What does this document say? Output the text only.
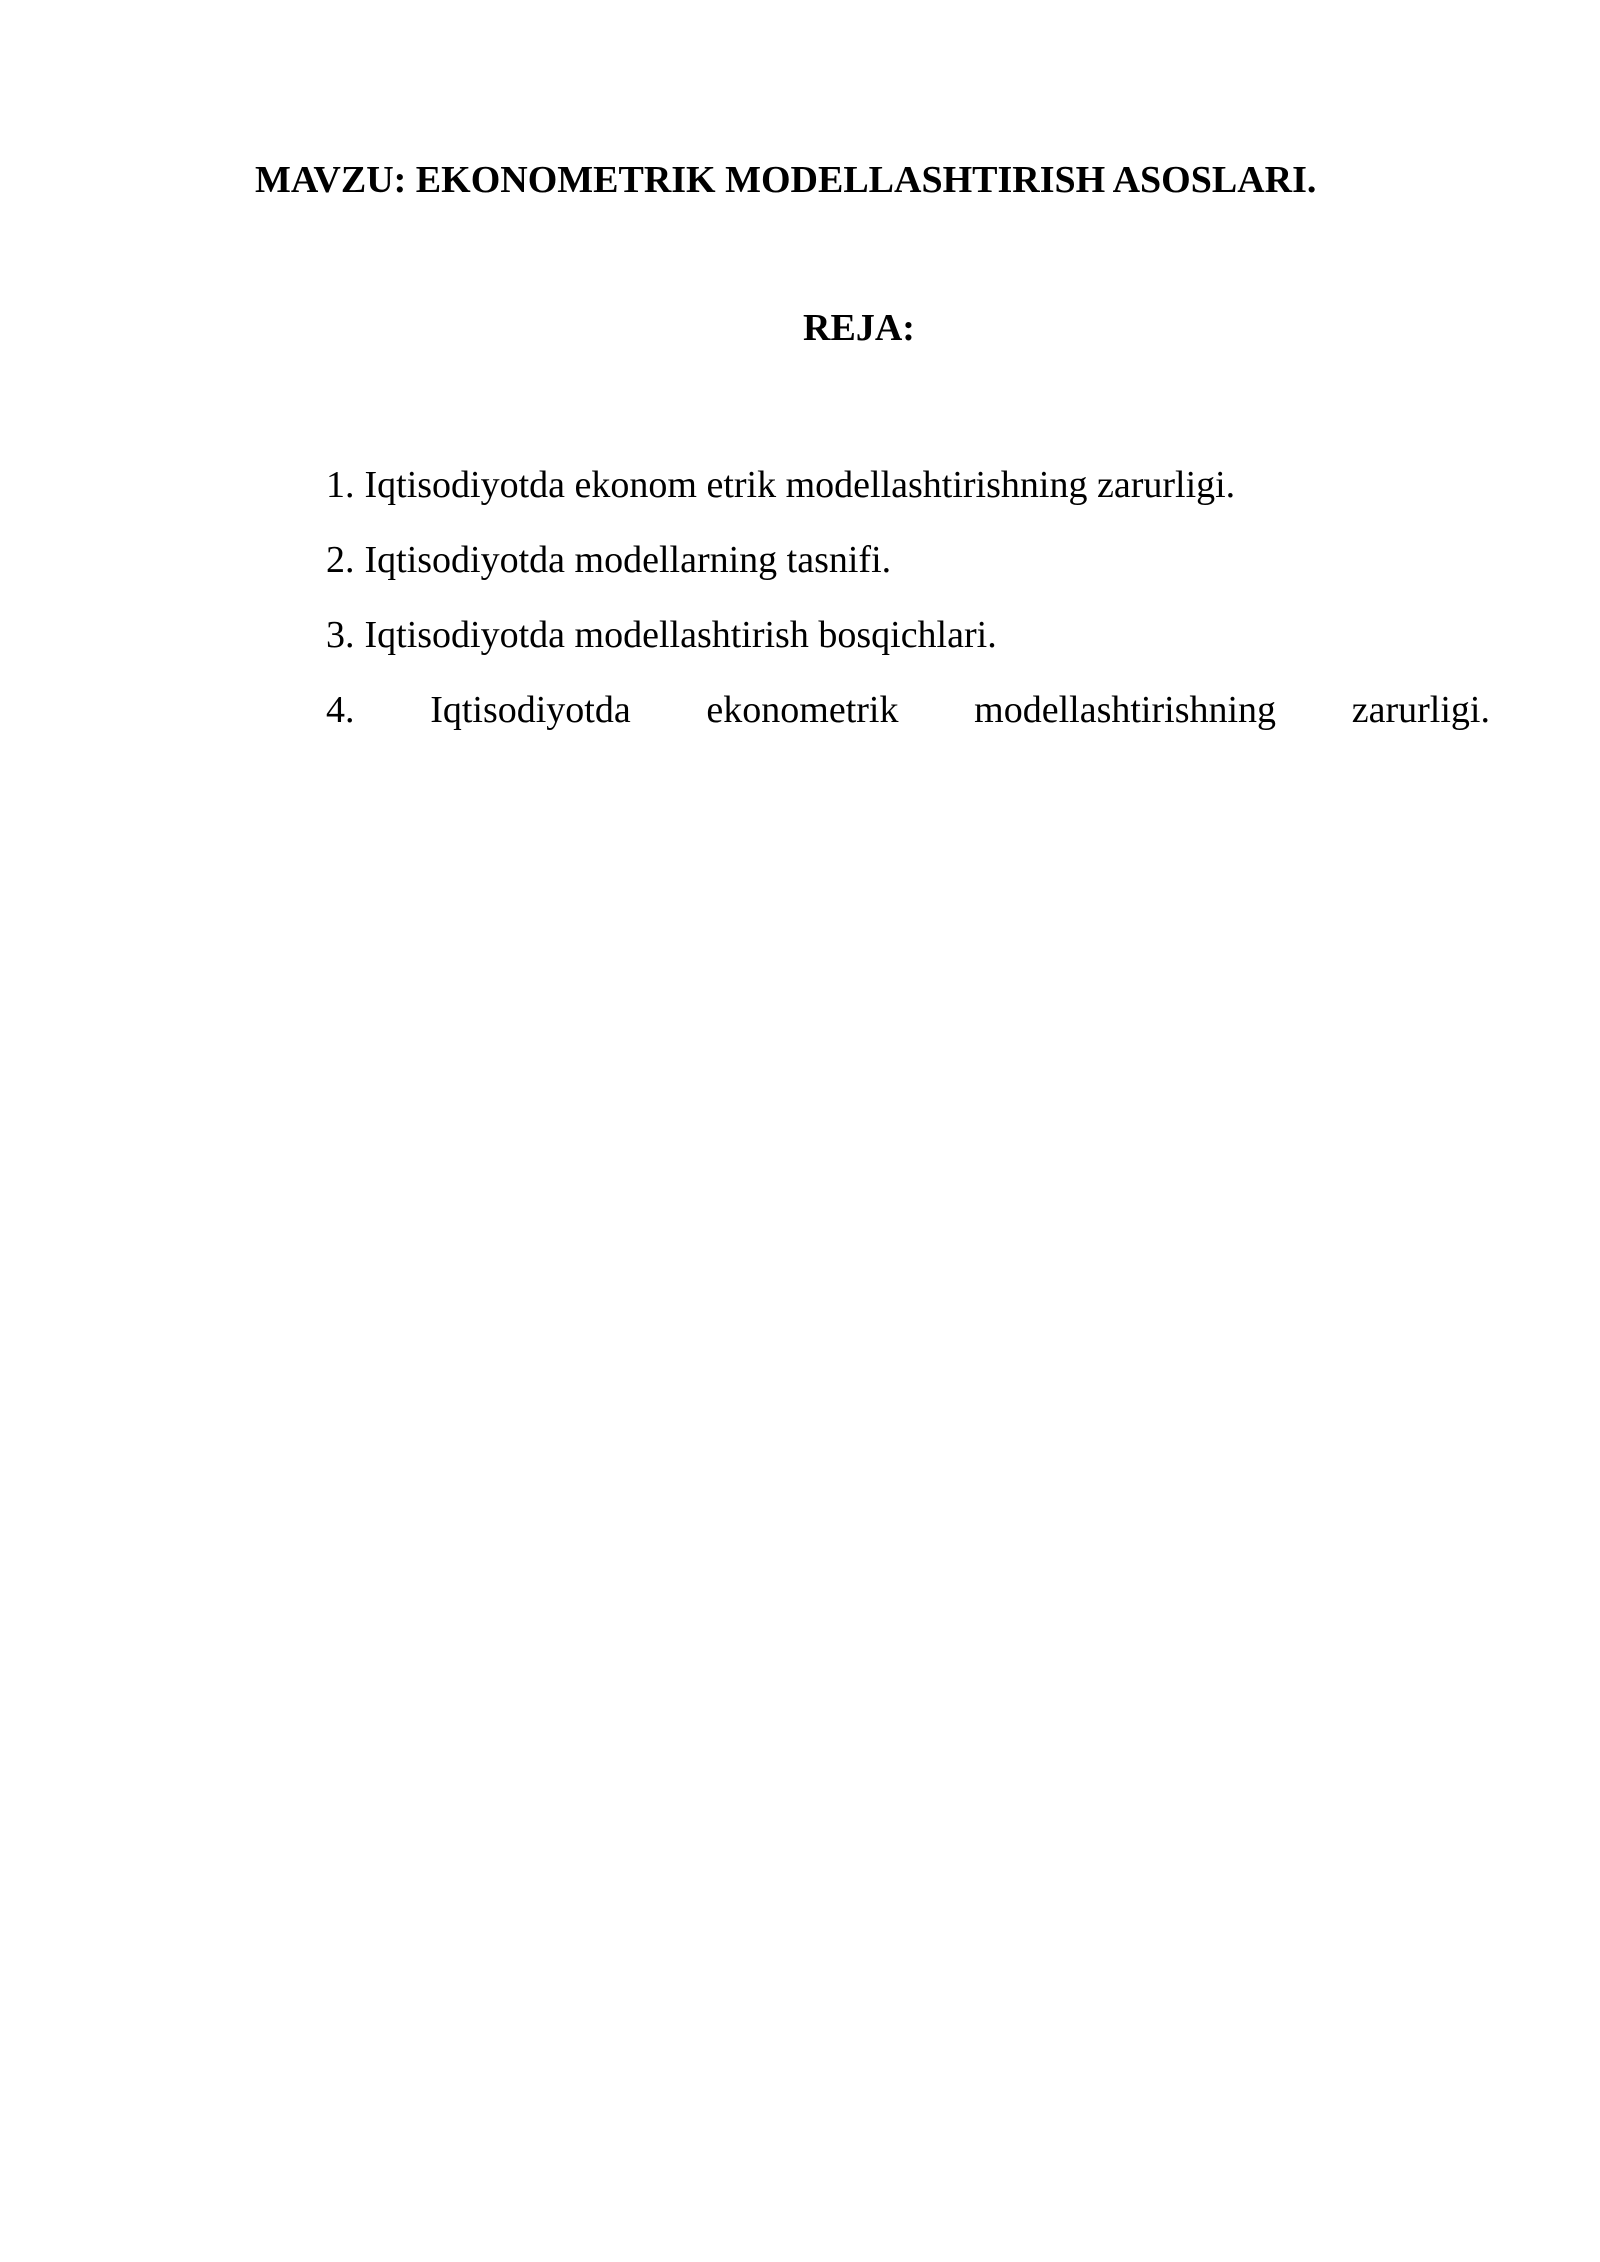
MAVZU: EKONOMETRIK MODELLASHTIRISH ASOSLARI.
REJA:
1. Iqtisodiyotda ekonom etrik modellashtirishning zarurligi.
2. Iqtisodiyotda modellarning tasnifi.
3. Iqtisodiyotda modellashtirish bosqichlari.
4. Iqtisodiyotda ekonometrik modellashtirishning zarurligi.
